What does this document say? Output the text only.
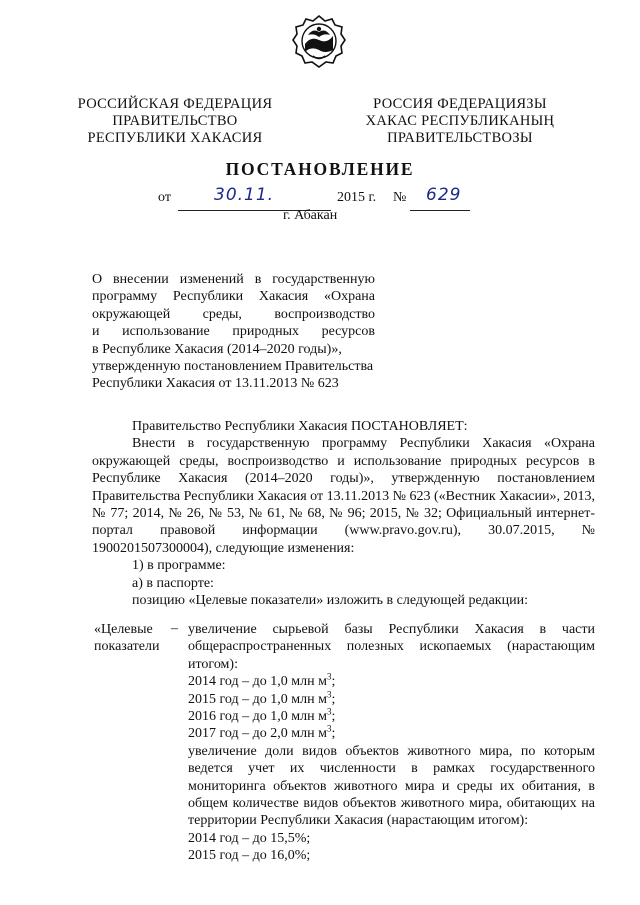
РОССИЙСКАЯ ФЕДЕРАЦИЯ
ПРАВИТЕЛЬСТВО
РЕСПУБЛИКИ ХАКАСИЯ
РОССИЯ ФЕДЕРАЦИЯЗЫ
ХАКАС РЕСПУБЛИКАНЫҢ
ПРАВИТЕЛЬСТВОЗЫ
ПОСТАНОВЛЕНИЕ
от	30.11.	2015 г. № 629
г. Абакан
О внесении изменений в государственную
программу Республики Хакасия «Охрана
окружающей среды, воспроизводство
и использование природных ресурсов
в Республике Хакасия (2014–2020 годы)»,
утвержденную постановлением Правительства
Республики Хакасия от 13.11.2013 № 623

Правительство Республики Хакасия ПОСТАНОВЛЯЕТ:

Внести в государственную программу Республики Хакасия «Охрана окружающей среды, воспроизводство и использование природных ресурсов в Республике Хакасия (2014–2020 годы)», утвержденную постановлением Правительства Республики Хакасия от 13.11.2013 № 623 («Вестник Хакасии», 2013, № 77; 2014, № 26, № 53, № 61, № 68, № 96; 2015, № 32; Официальный интернет-портал правовой информации (www.pravo.gov.ru), 30.07.2015, № 1900201507300004), следующие изменения:

1) в программе:

а) в паспорте:

позицию «Целевые показатели» изложить в следующей редакции:

«Целевые
показатели
– увеличение сырьевой базы Республики Хакасия в части общераспространенных полезных ископаемых (нарастающим итогом):

2014 год – до 1,0 млн $м^3$;
2015 год – до 1,0 млн $м^3$;
2016 год – до 1,0 млн $м^3$;
2017 год – до 2,0 млн $м^3$;

увеличение доли видов объектов животного мира, по которым ведется учет их численности в рамках государственного мониторинга объектов животного мира и среды их обитания, в общем количестве видов объектов животного мира, обитающих на территории Республики Хакасия (нарастающим итогом):

2014 год – до 15,5%;
2015 год – до 16,0%;
